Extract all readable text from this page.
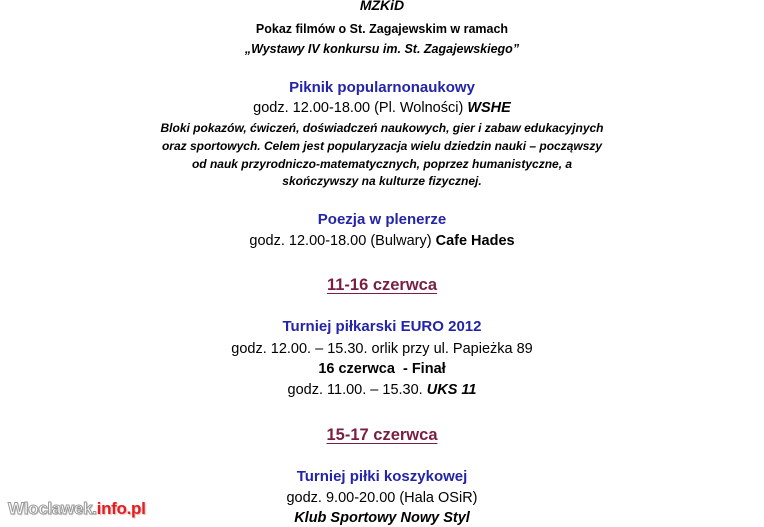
MZKiD
Pokaz filmów o St. Zagajewskim w ramach
„Wystawy IV konkursu im. St. Zagajewskiego”
Piknik popularnonaukowy
godz. 12.00-18.00 (Pl. Wolności) WSHE
Bloki pokazów, ćwiczeń, doświadczeń naukowych, gier i zabaw edukacyjnych
oraz sportowych. Celem jest popularyzacja wielu dziedzin nauki – począwszy
od nauk przyrodniczo-matematycznych, poprzez humanistyczne, a
skończywszy na kulturze fizycznej.
Poezja w plenerze
godz. 12.00-18.00 (Bulwary) Cafe Hades
11-16 czerwca
Turniej piłkarski EURO 2012
godz. 12.00. – 15.30. orlik przy ul. Papieżka 89
16 czerwca  - Finał
godz. 11.00. – 15.30. UKS 11
15-17 czerwca
Turniej piłki koszykowej
godz. 9.00-20.00 (Hala OSiR)
Klub Sportowy Nowy Styl
Wloclawek.info.pl
